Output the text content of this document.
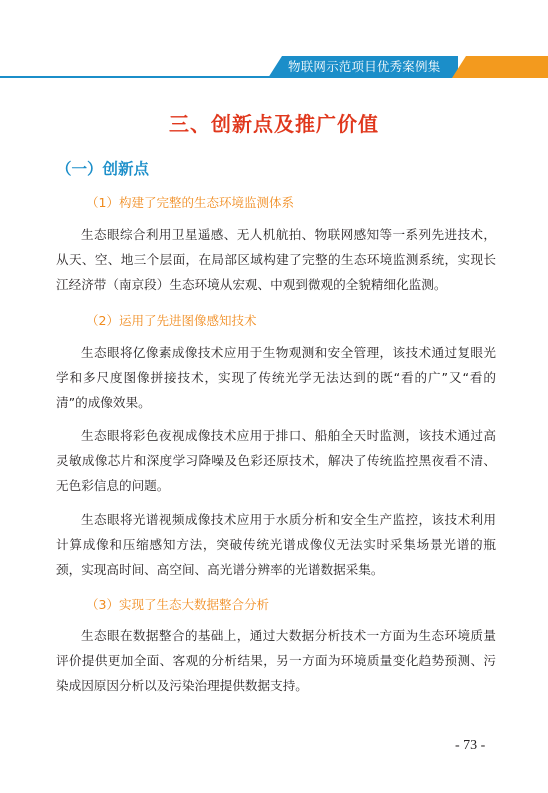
物联网示范项目优秀案例集
三、创新点及推广价值
（一）创新点
（1）构建了完整的生态环境监测体系
生态眼综合利用卫星遥感、无人机航拍、物联网感知等一系列先进技术，从天、空、地三个层面，在局部区域构建了完整的生态环境监测系统，实现长江经济带（南京段）生态环境从宏观、中观到微观的全貌精细化监测。
（2）运用了先进图像感知技术
生态眼将亿像素成像技术应用于生物观测和安全管理，该技术通过复眼光学和多尺度图像拼接技术，实现了传统光学无法达到的既“看的广”又“看的清”的成像效果。
生态眼将彩色夜视成像技术应用于排口、船舶全天时监测，该技术通过高灵敏成像芯片和深度学习降噪及色彩还原技术，解决了传统监控黑夜看不清、无色彩信息的问题。
生态眼将光谱视频成像技术应用于水质分析和安全生产监控，该技术利用计算成像和压缩感知方法，突破传统光谱成像仪无法实时采集场景光谱的瓶颈，实现高时间、高空间、高光谱分辨率的光谱数据采集。
（3）实现了生态大数据整合分析
生态眼在数据整合的基础上，通过大数据分析技术一方面为生态环境质量评价提供更加全面、客观的分析结果，另一方面为环境质量变化趋势预测、污染成因原因分析以及污染治理提供数据支持。
- 73 -
